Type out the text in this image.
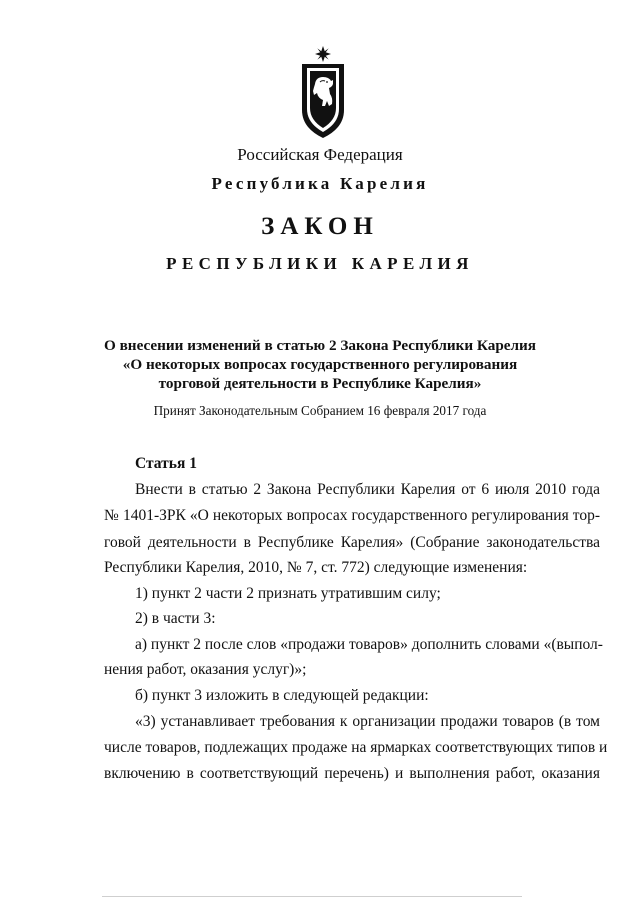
Российская Федерация
Республика Карелия
ЗАКОН
РЕСПУБЛИКИ КАРЕЛИЯ
О внесении изменений в статью 2 Закона Республики Карелия
«О некоторых вопросах государственного регулирования
торговой деятельности в Республике Карелия»
Принят Законодательным Собранием 16 февраля 2017 года
Статья 1
Внести в статью 2 Закона Республики Карелия от 6 июля 2010 года
№ 1401-ЗРК «О некоторых вопросах государственного регулирования тор-
говой деятельности в Республике Карелия» (Собрание законодательства
Республики Карелия, 2010, № 7, ст. 772) следующие изменения:
1) пункт 2 части 2 признать утратившим силу;
2) в части 3:
а) пункт 2 после слов «продажи товаров» дополнить словами «(выпол-
нения работ, оказания услуг)»;
б) пункт 3 изложить в следующей редакции:
«3) устанавливает требования к организации продажи товаров (в том
числе товаров, подлежащих продаже на ярмарках соответствующих типов и
включению в соответствующий перечень) и выполнения работ, оказания
